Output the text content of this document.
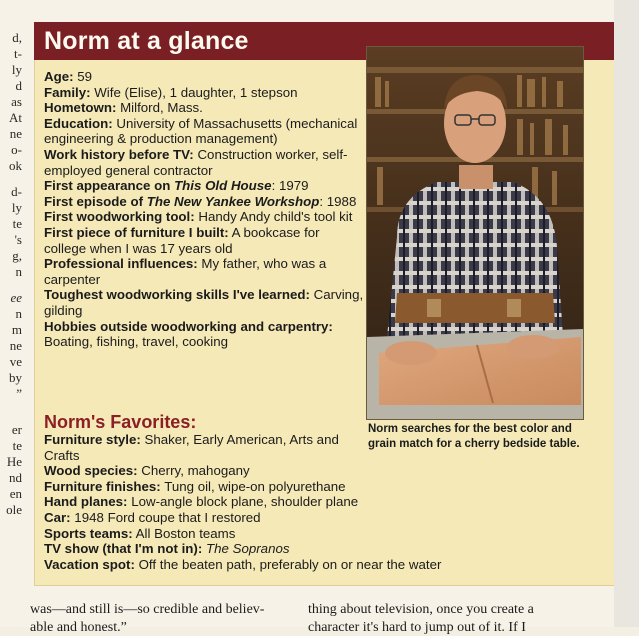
d,
t-
ly
d
as
At
ne
o-
ok
d-
ly
te
's
g,
n
ee
n
m
ne
ve
by
”
er
te
He
nd
en
ole
Norm at a glance

Age: 59

Family: Wife (Elise), 1 daughter, 1 stepson

Hometown: Milford, Mass.

Education: University of Massachusetts (mechanical engineering & production management)

Work history before TV: Construction worker, self-employed general contractor

First appearance on This Old House: 1979

First episode of The New Yankee Workshop: 1988

First woodworking tool: Handy Andy child's tool kit

First piece of furniture I built: A bookcase for college when I was 17 years old

Professional influences: My father, who was a carpenter

Toughest woodworking skills I've learned: Carving, gilding

Hobbies outside woodworking and carpentry: Boating, fishing, travel, cooking

Norm searches for the best color and grain match for a cherry bedside table.
Norm's Favorites:

Furniture style: Shaker, Early American, Arts and Crafts

Wood species: Cherry, mahogany

Furniture finishes: Tung oil, wipe-on polyurethane

Hand planes: Low-angle block plane, shoulder plane

Car: 1948 Ford coupe that I restored

Sports teams: All Boston teams

TV show (that I'm not in): The Sopranos

Vacation spot: Off the beaten path, preferably on or near the water

was—and still is—so credible and believ-
able and honest.”
thing about television, once you create a
character it's hard to jump out of it. If I
